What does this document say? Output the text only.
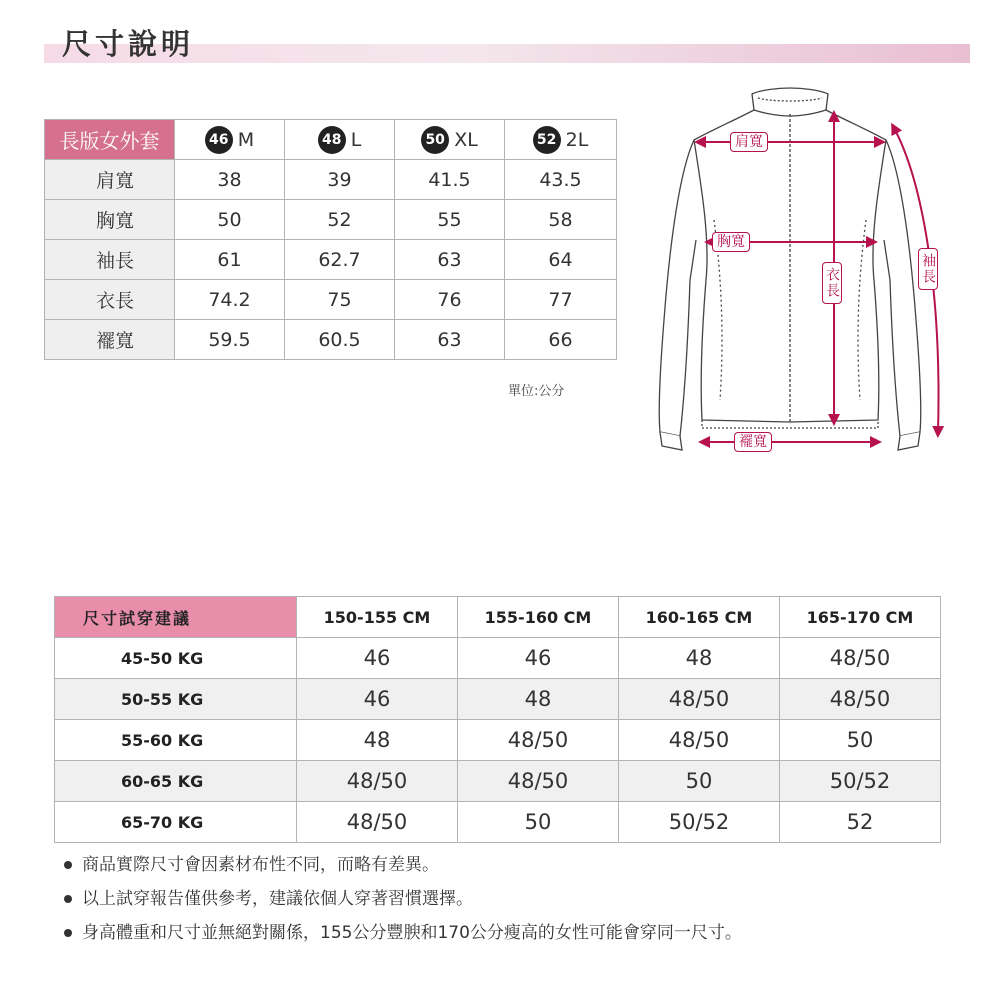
尺寸說明
長版女外套	46 M	48 L	50 XL	52 2L
肩寬	38	39	41.5	43.5
胸寬	50	52	55	58
袖長	61	62.7	63	64
衣長	74.2	75	76	77
襬寬	59.5	60.5	63	66
單位:公分
肩寬
胸寬
衣長	袖長
襬寬
尺寸試穿建議	150-155 CM	155-160 CM	160-165 CM	165-170 CM
45-50 KG	46	46	48	48/50
50-55 KG	46	48	48/50	48/50
55-60 KG	48	48/50	48/50	50
60-65 KG	48/50	48/50	50	50/52
65-70 KG	48/50	50	50/52	52
商品實際尺寸會因素材布性不同，而略有差異。
以上試穿報告僅供參考，建議依個人穿著習慣選擇。
身高體重和尺寸並無絕對關係，155公分豐腴和170公分瘦高的女性可能會穿同一尺寸。
